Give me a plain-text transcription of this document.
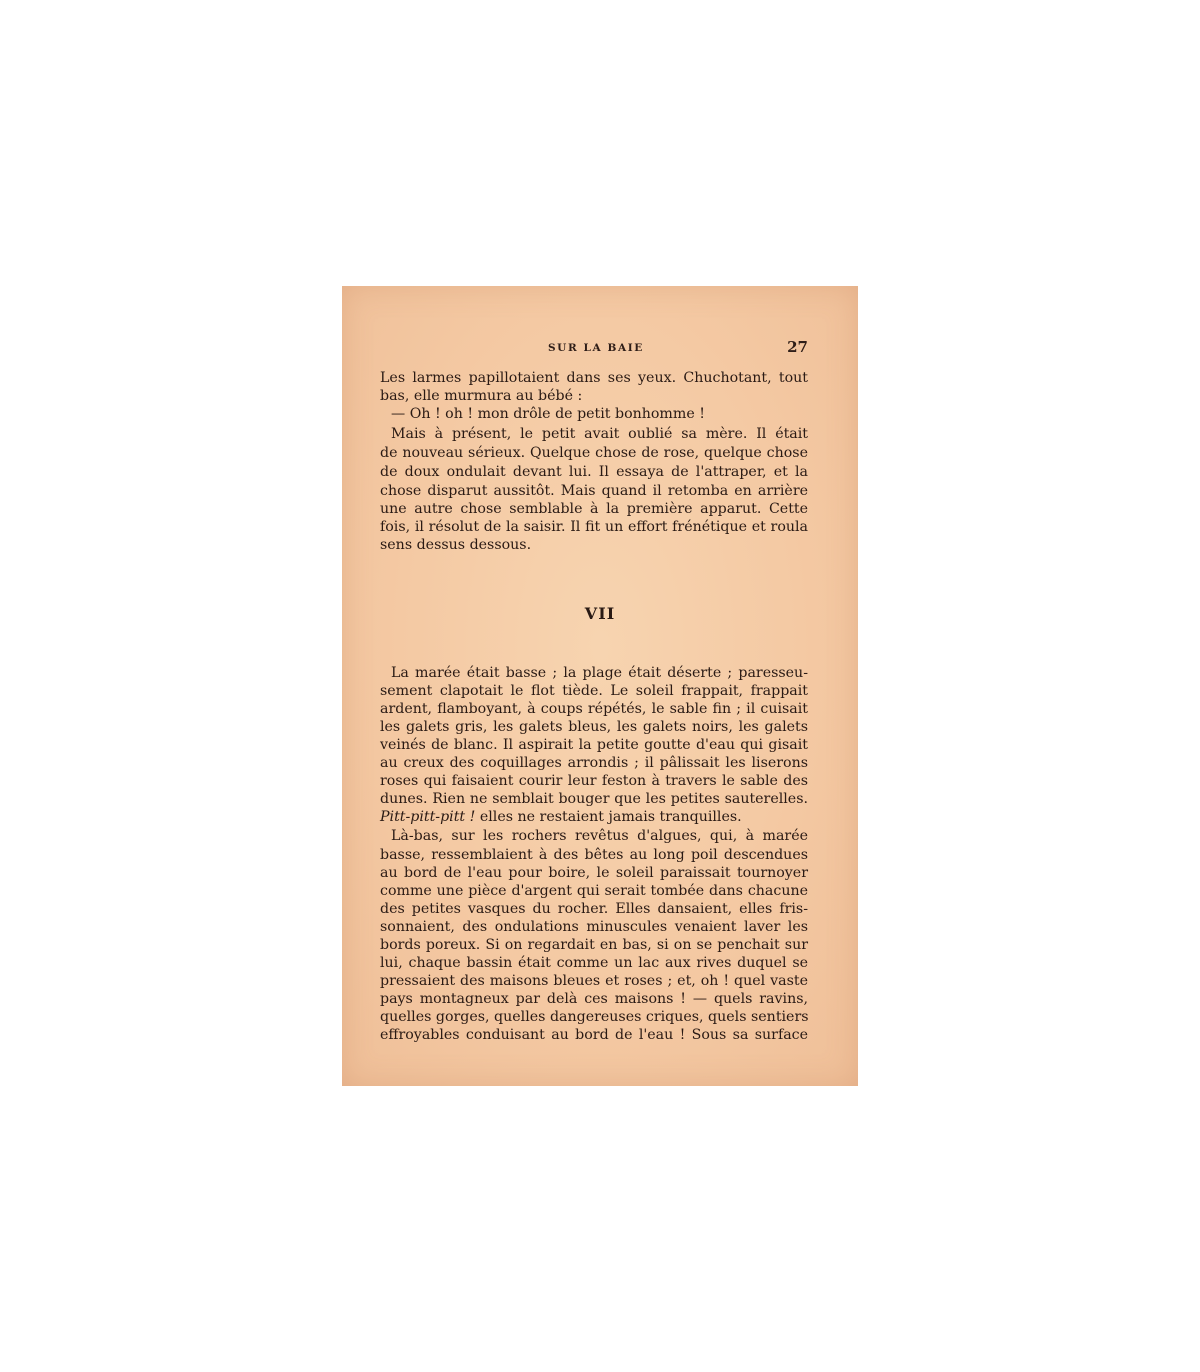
SUR LA BAIE	27
Les larmes papillotaient dans ses yeux. Chuchotant, tout
bas, elle murmura au bébé :
— Oh ! oh ! mon drôle de petit bonhomme !
Mais à présent, le petit avait oublié sa mère. Il était
de nouveau sérieux. Quelque chose de rose, quelque chose
de doux ondulait devant lui. Il essaya de l'attraper, et la
chose disparut aussitôt. Mais quand il retomba en arrière
une autre chose semblable à la première apparut. Cette
fois, il résolut de la saisir. Il fit un effort frénétique et roula
sens dessus dessous.
VII
La marée était basse ; la plage était déserte ; paresseu-
sement clapotait le flot tiède. Le soleil frappait, frappait
ardent, flamboyant, à coups répétés, le sable fin ; il cuisait
les galets gris, les galets bleus, les galets noirs, les galets
veinés de blanc. Il aspirait la petite goutte d'eau qui gisait
au creux des coquillages arrondis ; il pâlissait les liserons
roses qui faisaient courir leur feston à travers le sable des
dunes. Rien ne semblait bouger que les petites sauterelles.
Pitt-pitt-pitt ! elles ne restaient jamais tranquilles.
Là-bas, sur les rochers revêtus d'algues, qui, à marée
basse, ressemblaient à des bêtes au long poil descendues
au bord de l'eau pour boire, le soleil paraissait tournoyer
comme une pièce d'argent qui serait tombée dans chacune
des petites vasques du rocher. Elles dansaient, elles fris-
sonnaient, des ondulations minuscules venaient laver les
bords poreux. Si on regardait en bas, si on se penchait sur
lui, chaque bassin était comme un lac aux rives duquel se
pressaient des maisons bleues et roses ; et, oh ! quel vaste
pays montagneux par delà ces maisons ! — quels ravins,
quelles gorges, quelles dangereuses criques, quels sentiers
effroyables conduisant au bord de l'eau ! Sous sa surface
